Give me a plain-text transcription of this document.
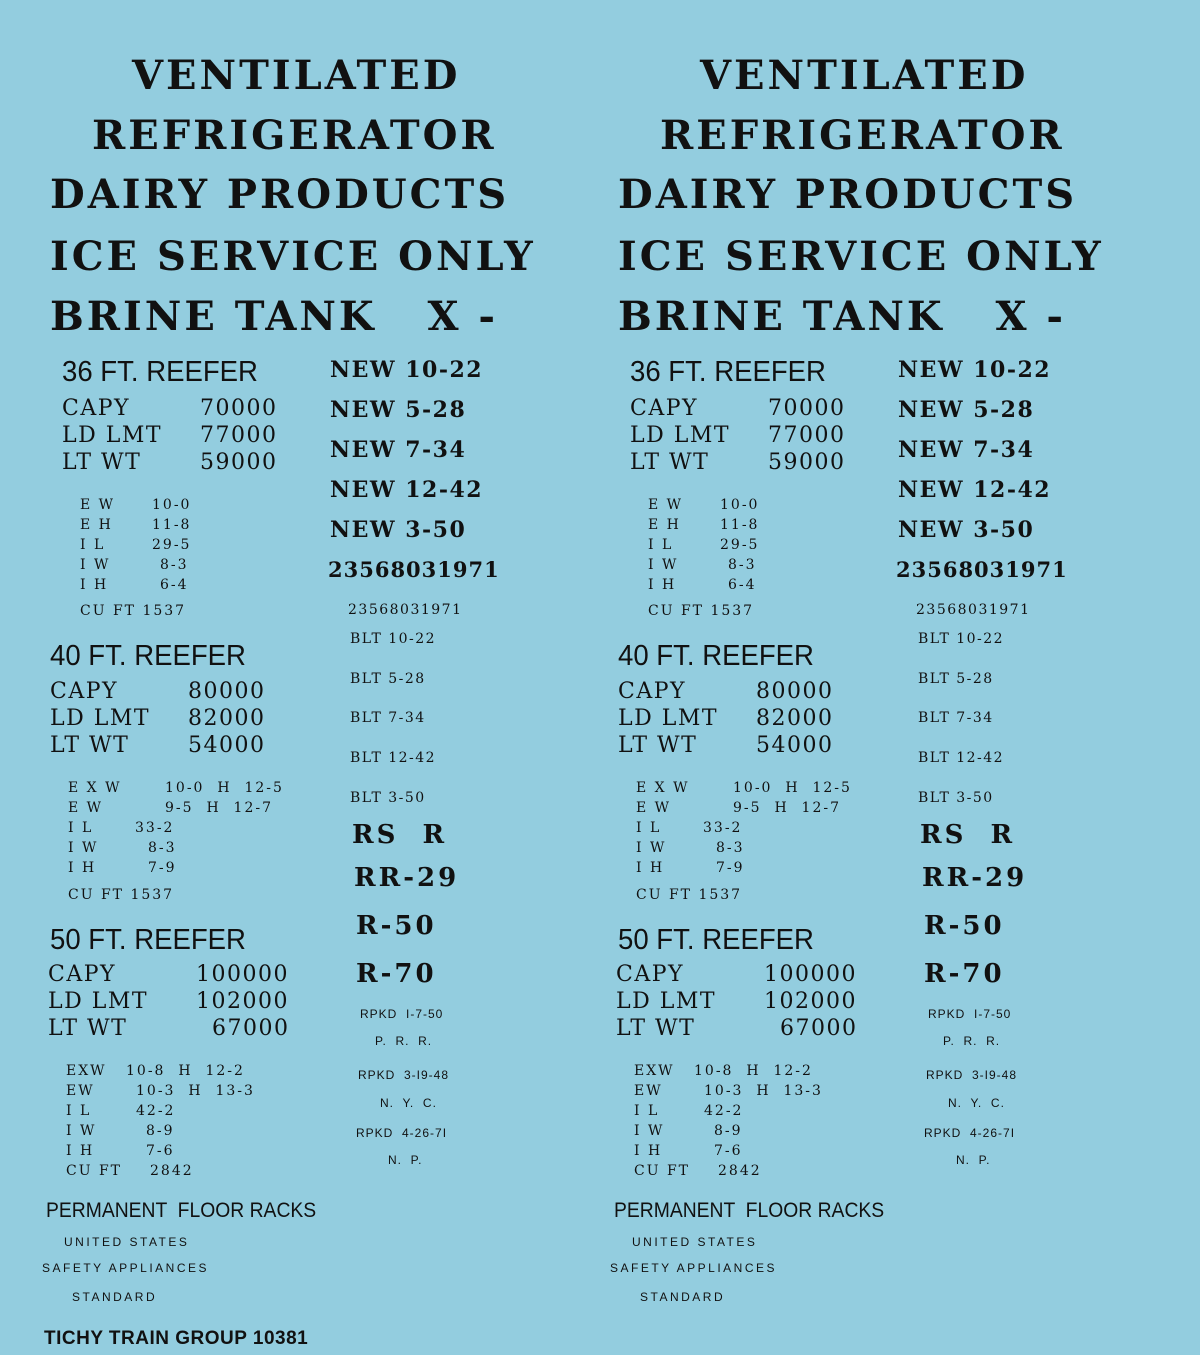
VENTILATED
REFRIGERATOR
DAIRY PRODUCTS
ICE SERVICE ONLY
BRINE TANK   X -
36 FT. REEFER
CAPY	70000
LD LMT 77000
LT WT	59000
E W	10-0
E H	11-8
I L	29-5
I W	8-3
I H	6-4
CU FT 1537
40 FT. REEFER
CAPY	80000
LD LMT 82000
LT WT	54000
E X W	10-0  H  12-5
E W	9-5  H  12-7
I L	33-2
I W	8-3
I H	7-9
CU FT 1537
50 FT. REEFER
CAPY	100000
LD LMT 102000
LT WT	67000
EXW 10-8  H  12-2
EW	10-3  H  13-3
I L	42-2
I W	8-9
I H	7-6
CU FT 2842
NEW 10-22
NEW 5-28
NEW 7-34
NEW 12-42
NEW 3-50
23568031971
23568031971
BLT 10-22
BLT 5-28
BLT 7-34
BLT 12-42
BLT 3-50
RS  R
RR-29
R-50
R-70
RPKD  I-7-50
P.  R.  R.
RPKD  3-I9-48
N.  Y.  C.
RPKD  4-26-7I
N.  P.
PERMANENT  FLOOR RACKS
UNITED STATES
SAFETY APPLIANCES
STANDARD
VENTILATED
REFRIGERATOR
DAIRY PRODUCTS
ICE SERVICE ONLY
BRINE TANK   X -
36 FT. REEFER
CAPY	70000
LD LMT 77000
LT WT	59000
E W	10-0
E H	11-8
I L	29-5
I W	8-3
I H	6-4
CU FT 1537
40 FT. REEFER
CAPY	80000
LD LMT 82000
LT WT	54000
E X W	10-0  H  12-5
E W	9-5  H  12-7
I L	33-2
I W	8-3
I H	7-9
CU FT 1537
50 FT. REEFER
CAPY	100000
LD LMT 102000
LT WT	67000
EXW 10-8  H  12-2
EW	10-3  H  13-3
I L	42-2
I W	8-9
I H	7-6
CU FT 2842
NEW 10-22
NEW 5-28
NEW 7-34
NEW 12-42
NEW 3-50
23568031971
23568031971
BLT 10-22
BLT 5-28
BLT 7-34
BLT 12-42
BLT 3-50
RS  R
RR-29
R-50
R-70
RPKD  I-7-50
P.  R.  R.
RPKD  3-I9-48
N.  Y.  C.
RPKD  4-26-7I
N.  P.
PERMANENT  FLOOR RACKS
UNITED STATES
SAFETY APPLIANCES
STANDARD
TICHY TRAIN GROUP 10381
